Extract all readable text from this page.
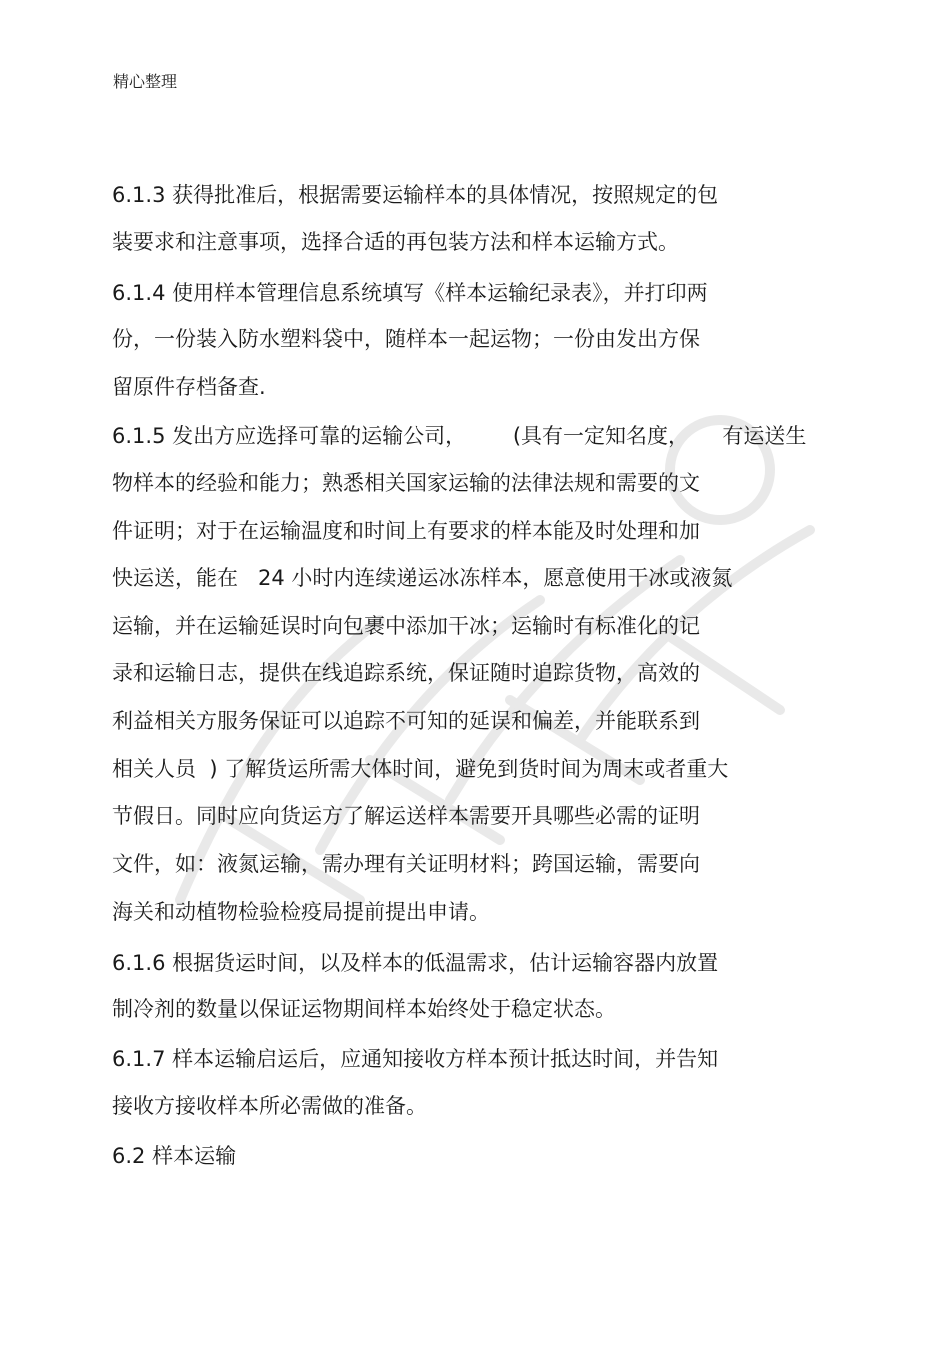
精心整理
6.1.3 获得批准后，根据需要运输样本的具体情况，按照规定的包
装要求和注意事项，选择合适的再包装方法和样本运输方式。
6.1.4 使用样本管理信息系统填写《样本运输纪录表》，并打印两
份，一份装入防水塑料袋中，随样本一起运物；一份由发出方保
留原件存档备查.
6.1.5 发出方应选择可靠的运输公司，       (具有一定知名度，     有运送生
物样本的经验和能力；熟悉相关国家运输的法律法规和需要的文
件证明；对于在运输温度和时间上有要求的样本能及时处理和加
快运送，能在   24 小时内连续递运冰冻样本，愿意使用干冰或液氮
运输，并在运输延误时向包裹中添加干冰；运输时有标准化的记
录和运输日志，提供在线追踪系统，保证随时追踪货物，高效的
利益相关方服务保证可以追踪不可知的延误和偏差，并能联系到
相关人员  ) 了解货运所需大体时间，避免到货时间为周末或者重大
节假日。同时应向货运方了解运送样本需要开具哪些必需的证明
文件，如：液氮运输，需办理有关证明材料；跨国运输，需要向
海关和动植物检验检疫局提前提出申请。
6.1.6 根据货运时间，以及样本的低温需求，估计运输容器内放置
制冷剂的数量以保证运物期间样本始终处于稳定状态。
6.1.7 样本运输启运后，应通知接收方样本预计抵达时间，并告知
接收方接收样本所必需做的准备。
6.2 样本运输
